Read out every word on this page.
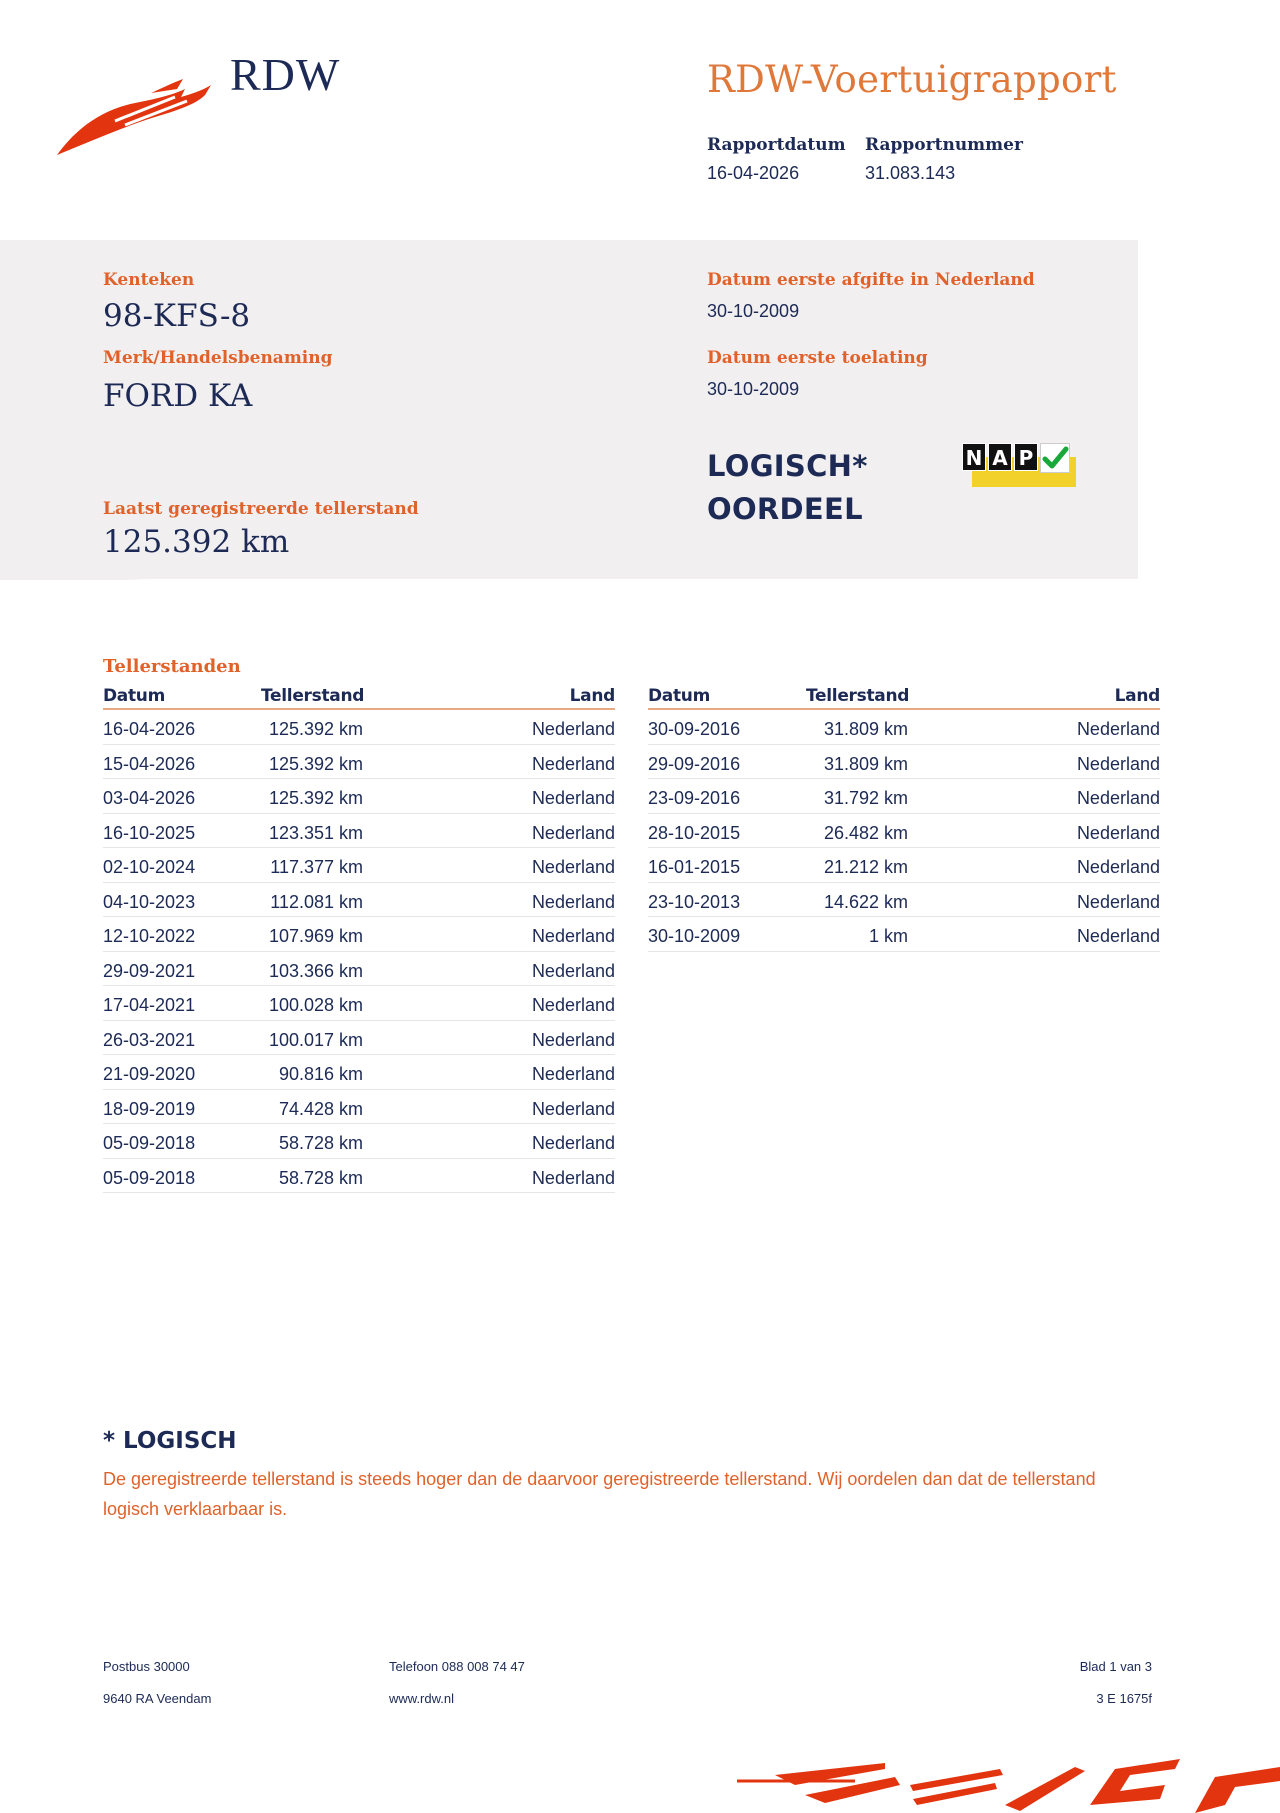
RDW	RDW-Voertuigrapport
Rapportdatum
16-04-2026
Rapportnummer
31.083.143
Kenteken
98-KFS-8
Merk/Handelsbenaming
FORD KA
Datum eerste afgifte in Nederland
30-10-2009
Datum eerste toelating
30-10-2009
LOGISCH*
OORDEEL
N A P
Laatst geregistreerde tellerstand
125.392 km
Tellerstanden
Datum	Tellerstand	Land
16-04-2026	125.392 km	Nederland
15-04-2026	125.392 km	Nederland
03-04-2026	125.392 km	Nederland
16-10-2025	123.351 km	Nederland
02-10-2024	117.377 km	Nederland
04-10-2023	112.081 km	Nederland
12-10-2022	107.969 km	Nederland
29-09-2021	103.366 km	Nederland
17-04-2021	100.028 km	Nederland
26-03-2021	100.017 km	Nederland
21-09-2020	90.816 km	Nederland
18-09-2019	74.428 km	Nederland
05-09-2018	58.728 km	Nederland
05-09-2018	58.728 km	Nederland
Datum	Tellerstand	Land
30-09-2016	31.809 km	Nederland
29-09-2016	31.809 km	Nederland
23-09-2016	31.792 km	Nederland
28-10-2015	26.482 km	Nederland
16-01-2015	21.212 km	Nederland
23-10-2013	14.622 km	Nederland
30-10-2009	1 km	Nederland
* LOGISCH
De geregistreerde tellerstand is steeds hoger dan de daarvoor geregistreerde tellerstand. Wij oordelen dan dat de tellerstand logisch verklaarbaar is.
Postbus 30000
9640 RA Veendam
Telefoon 088 008 74 47
www.rdw.nl
Blad 1 van 3
3 E 1675f
